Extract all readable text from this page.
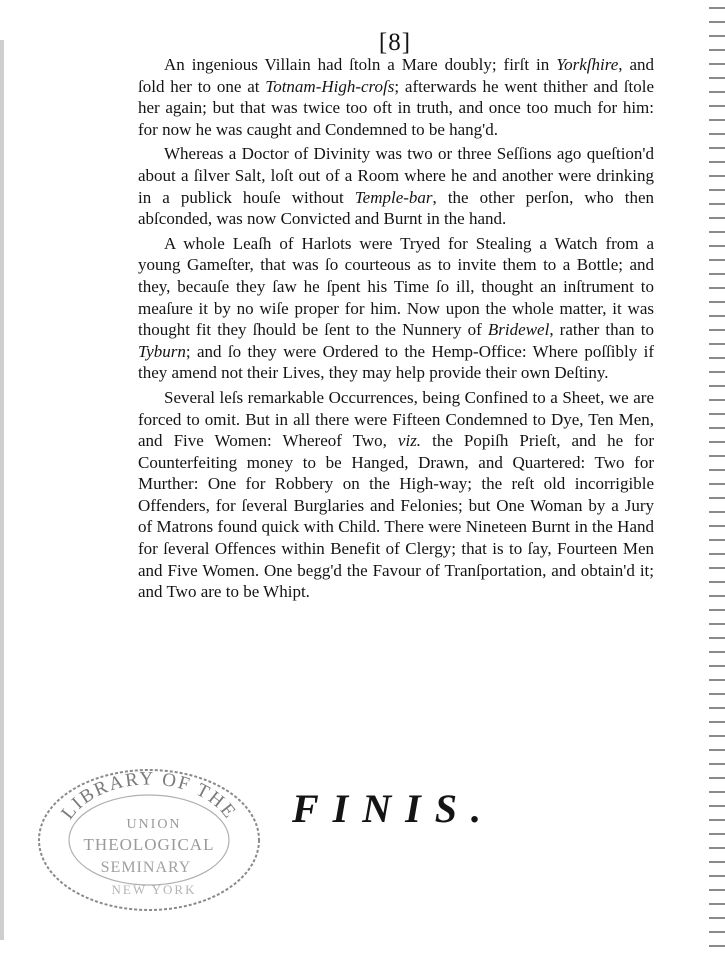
[8]

An ingenious Villain had ſtoln a Mare doubly; firſt in Yorkſhire, and ſold her to one at Totnam-High-croſs; afterwards he went thither and ſtole her again; but that was twice too oft in truth, and once too much for him: for now he was caught and Condemned to be hang'd.

Whereas a Doctor of Divinity was two or three Seſſions ago queſtion'd about a ſilver Salt, loſt out of a Room where he and another were drinking in a publick houſe without Temple-bar, the other perſon, who then abſconded, was now Convicted and Burnt in the hand.

A whole Leaſh of Harlots were Tryed for Stealing a Watch from a young Gameſter, that was ſo courteous as to invite them to a Bottle; and they, becauſe they ſaw he ſpent his Time ſo ill, thought an inſtrument to meaſure it by no wiſe proper for him. Now upon the whole matter, it was thought fit they ſhould be ſent to the Nunnery of Bridewel, rather than to Tyburn; and ſo they were Ordered to the Hemp-Office: Where poſſibly if they amend not their Lives, they may help provide their own Deſtiny.

Several leſs remarkable Occurrences, being Confined to a Sheet, we are forced to omit. But in all there were Fifteen Condemned to Dye, Ten Men, and Five Women: Whereof Two, viz. the Popiſh Prieſt, and he for Counterfeiting money to be Hanged, Drawn, and Quartered: Two for Murther: One for Robbery on the High-way; the reſt old incorrigible Offenders, for ſeveral Burglaries and Felonies; but One Woman by a Jury of Matrons found quick with Child. There were Nineteen Burnt in the Hand for ſeveral Offences within Benefit of Clergy; that is to ſay, Fourteen Men and Five Women. One begg'd the Favour of Tranſportation, and obtain'd it; and Two are to be Whipt.

LIBRARY OF THE
UNION
THEOLOGICAL
SEMINARY
NEW YORK
FINIS.
